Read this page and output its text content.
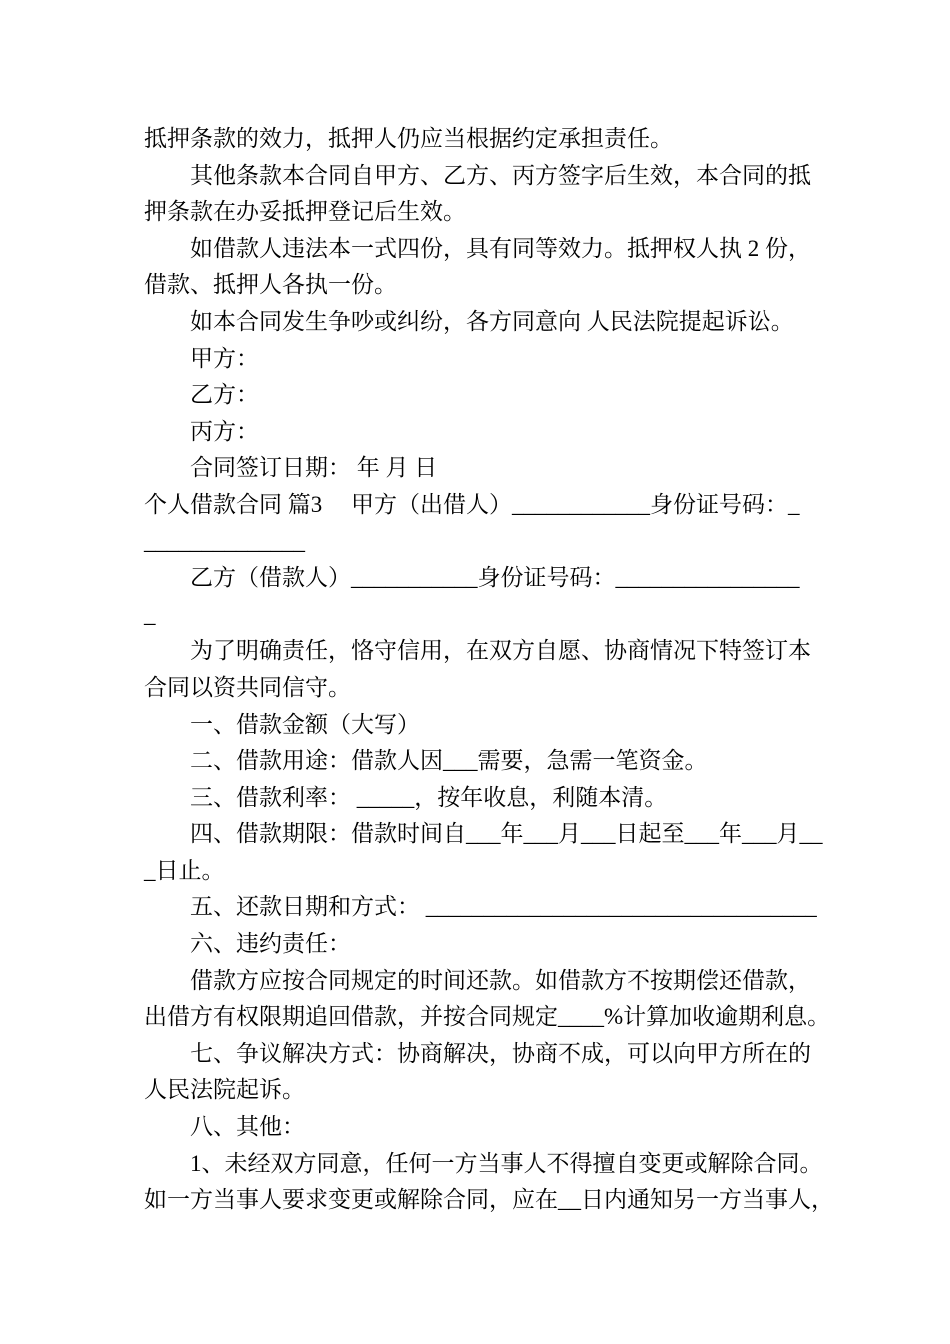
抵押条款的效力，抵押人仍应当根据约定承担责任。
其他条款本合同自甲方、乙方、丙方签字后生效，本合同的抵
押条款在办妥抵押登记后生效。
如借款人违法本一式四份，具有同等效力。抵押权人执 2 份，
借款、抵押人各执一份。
如本合同发生争吵或纠纷，各方同意向 人民法院提起诉讼。
甲方：
乙方：
丙方：
合同签订日期： 年 月 日
个人借款合同 篇3　 甲方（出借人）____________身份证号码：_
______________
乙方（借款人）___________身份证号码：________________
_
为了明确责任，恪守信用，在双方自愿、协商情况下特签订本
合同以资共同信守。
一、借款金额（大写）
二、借款用途：借款人因___需要，急需一笔资金。
三、借款利率： _____，按年收息，利随本清。
四、借款期限：借款时间自___年___月___日起至___年___月__
_日止。
五、还款日期和方式： __________________________________
六、违约责任：
借款方应按合同规定的时间还款。如借款方不按期偿还借款，
出借方有权限期追回借款，并按合同规定____%计算加收逾期利息。
七、争议解决方式：协商解决，协商不成，可以向甲方所在的
人民法院起诉。
八、其他：
1、未经双方同意，任何一方当事人不得擅自变更或解除合同。
如一方当事人要求变更或解除合同，应在__日内通知另一方当事人，
